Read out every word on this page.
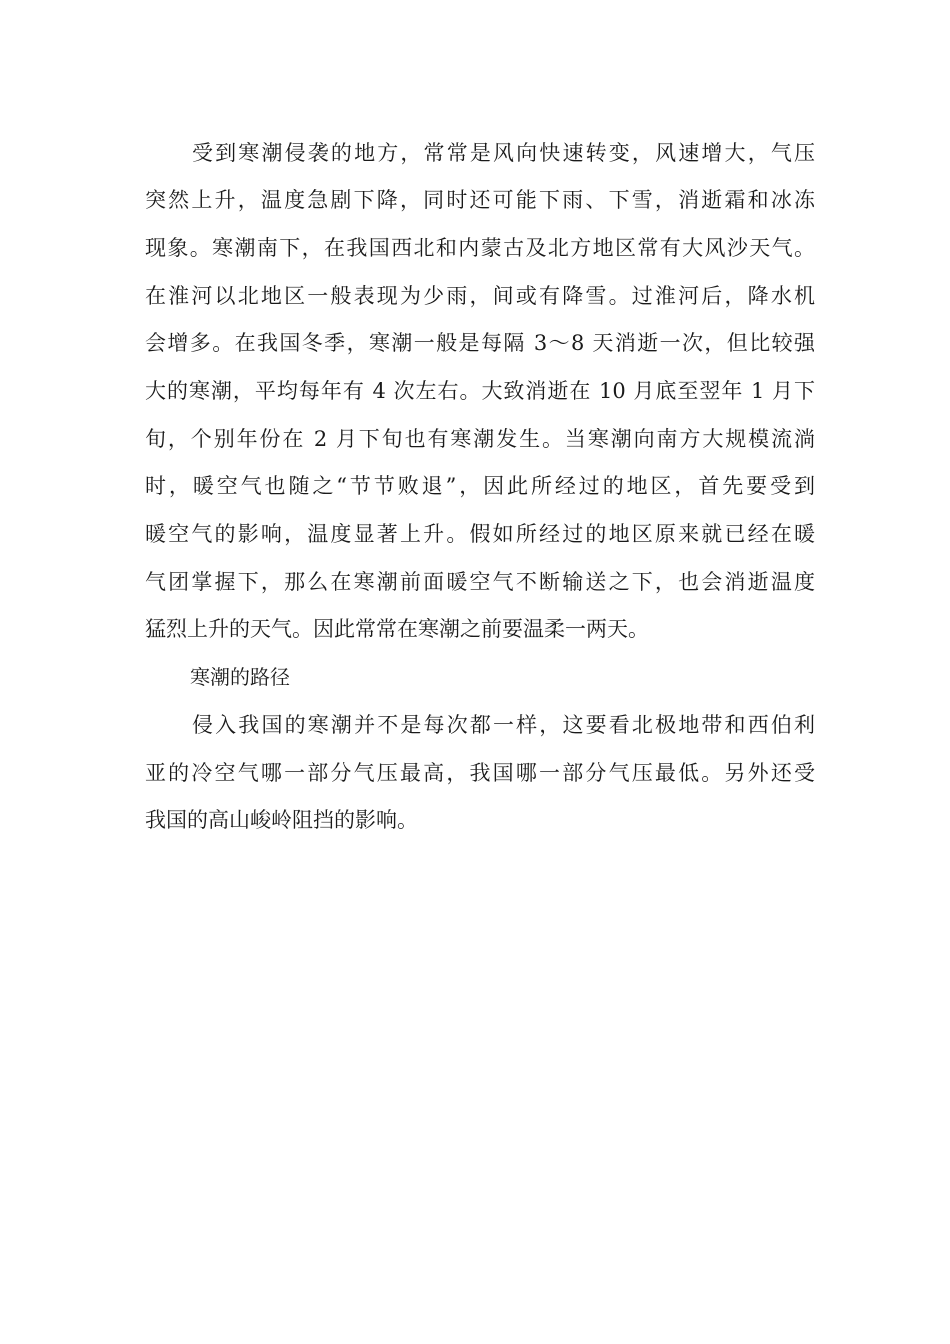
受到寒潮侵袭的地方，常常是风向快速转变，风速增大，气压
突然上升，温度急剧下降，同时还可能下雨、下雪，消逝霜和冰冻
现象。寒潮南下，在我国西北和内蒙古及北方地区常有大风沙天气。
在淮河以北地区一般表现为少雨，间或有降雪。过淮河后，降水机
会增多。在我国冬季，寒潮一般是每隔 3～8 天消逝一次，但比较强
大的寒潮，平均每年有 4 次左右。大致消逝在 10 月底至翌年 1 月下
旬，个别年份在 2 月下旬也有寒潮发生。当寒潮向南方大规模流淌
时，暖空气也随之“节节败退”，因此所经过的地区，首先要受到
暖空气的影响，温度显著上升。假如所经过的地区原来就已经在暖
气团掌握下，那么在寒潮前面暖空气不断输送之下，也会消逝温度
猛烈上升的天气。因此常常在寒潮之前要温柔一两天。
寒潮的路径
侵入我国的寒潮并不是每次都一样，这要看北极地带和西伯利
亚的冷空气哪一部分气压最高，我国哪一部分气压最低。另外还受
我国的高山峻岭阻挡的影响。
